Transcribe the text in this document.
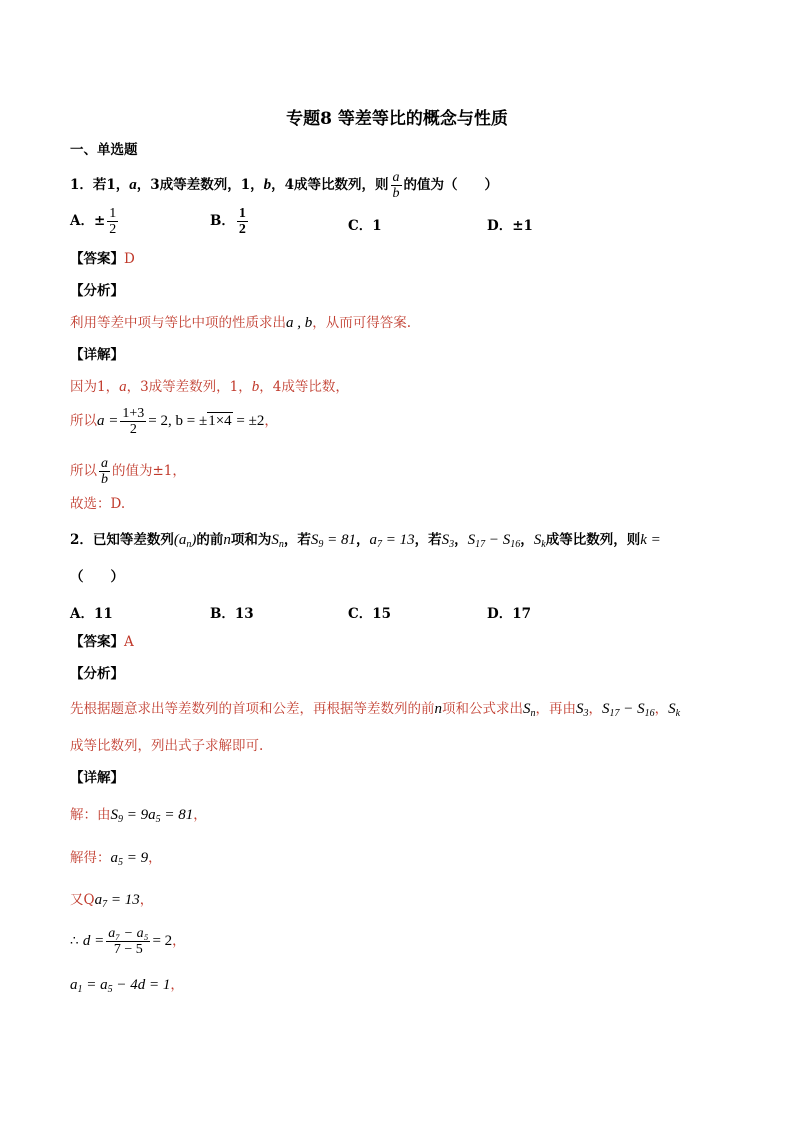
专题8 等差等比的概念与性质
一、单选题
1．若1，a，3成等差数列，1，b，4成等比数列，则 $\frac{a}{b}$ 的值为（　　）
A．± $\frac{1}{2}$	B． $\frac{1}{2}$	C．1	D．±1
【答案】D
【分析】
利用等差中项与等比中项的性质求出a , b，从而可得答案.
【详解】
因为1，a，3成等差数列，1，b，4成等比数，
所以$a = \frac{1+3}{2} = 2$, b = ±1×4 = ±2，
所以 $\frac{a}{b}$ 的值为±1，
故选：D.
2．已知等差数列$(a_n)$的前n项和为$S_n$，若$S_9 = 81$，$a_7 = 13$，若$S_3$，$S_{17} - S_{16}$，$S_k$成等比数列，则k =
（　　）
A．11	B．13	C．15	D．17
【答案】A
【分析】
先根据题意求出等差数列的首项和公差，再根据等差数列的前n项和公式求出$S_n$，再由$S_3$，$S_{17} - S_{16}$，$S_k$
成等比数列，列出式子求解即可.
【详解】
解：由$S_9 = 9a_5 = 81$，
解得：$a_5 = 9$，
又$Qa_7 = 13$，
∴ $d = \frac{\text{a₇ − a₅}}{7 - 5} = 2$，
$a_1 = a_5 - 4d = 1$，
